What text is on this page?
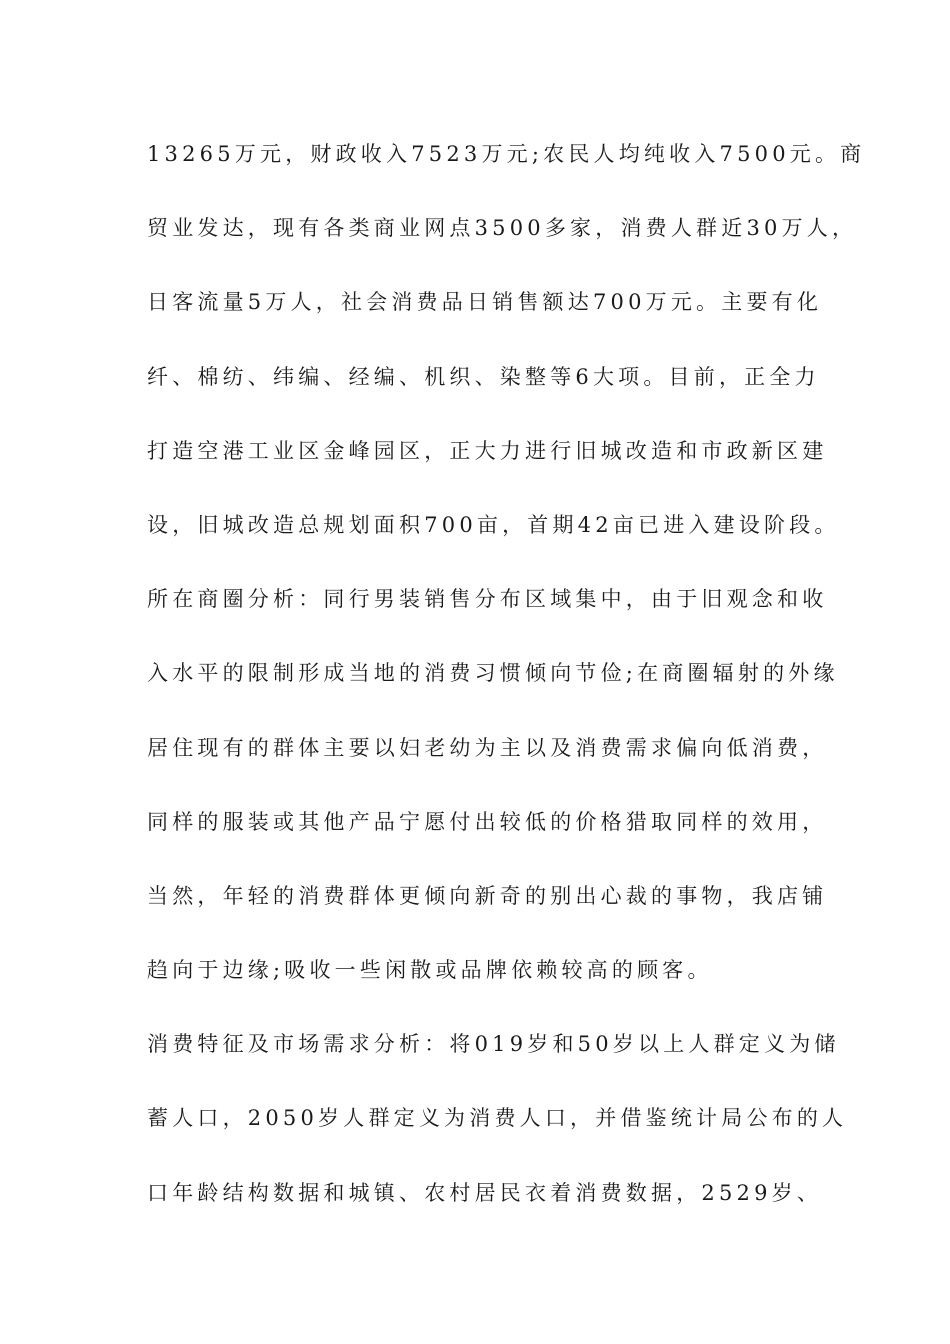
13265万元，财政收入7523万元;农民人均纯收入7500元。商
贸业发达，现有各类商业网点3500多家，消费人群近30万人，
日客流量5万人，社会消费品日销售额达700万元。主要有化
纤、棉纺、纬编、经编、机织、染整等6大项。目前，正全力
打造空港工业区金峰园区，正大力进行旧城改造和市政新区建
设，旧城改造总规划面积700亩，首期42亩已进入建设阶段。
所在商圈分析：同行男装销售分布区域集中，由于旧观念和收
入水平的限制形成当地的消费习惯倾向节俭;在商圈辐射的外缘
居住现有的群体主要以妇老幼为主以及消费需求偏向低消费，
同样的服装或其他产品宁愿付出较低的价格猎取同样的效用，
当然，年轻的消费群体更倾向新奇的别出心裁的事物，我店铺
趋向于边缘;吸收一些闲散或品牌依赖较高的顾客。
消费特征及市场需求分析：将019岁和50岁以上人群定义为储
蓄人口，2050岁人群定义为消费人口，并借鉴统计局公布的人
口年龄结构数据和城镇、农村居民衣着消费数据，2529岁、
